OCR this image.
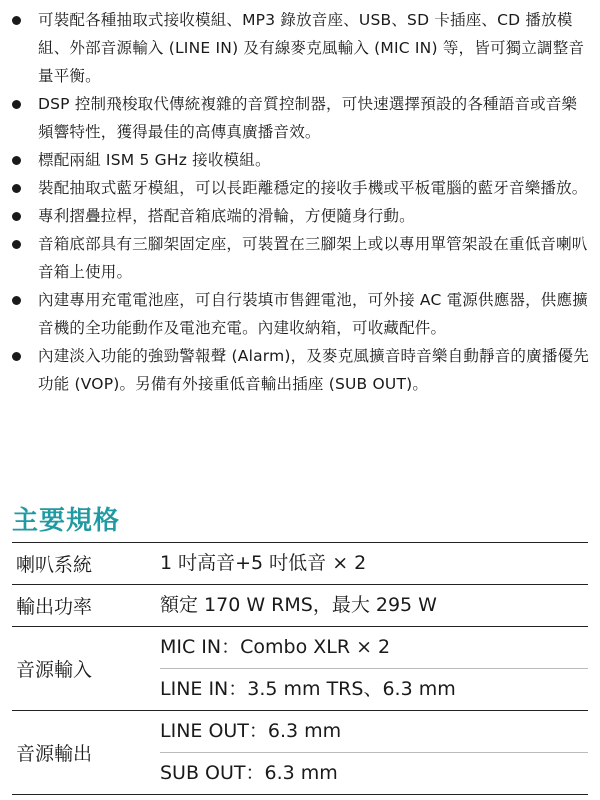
可裝配各種抽取式接收模組、MP3 錄放音座、USB、SD 卡插座、CD 播放模組、外部音源輸入 (LINE IN) 及有線麥克風輸入 (MIC IN) 等，皆可獨立調整音量平衡。
DSP 控制飛梭取代傳統複雜的音質控制器，可快速選擇預設的各種語音或音樂頻響特性，獲得最佳的高傳真廣播音效。
標配兩組 ISM 5 GHz 接收模組。
裝配抽取式藍牙模組，可以長距離穩定的接收手機或平板電腦的藍牙音樂播放。
專利摺疊拉桿，搭配音箱底端的滑輪，方便隨身行動。
音箱底部具有三腳架固定座，可裝置在三腳架上或以專用單管架設在重低音喇叭音箱上使用。
內建專用充電電池座，可自行裝填市售鋰電池，可外接 AC 電源供應器，供應擴音機的全功能動作及電池充電。內建收納箱，可收藏配件。
內建淡入功能的強勁警報聲 (Alarm)，及麥克風擴音時音樂自動靜音的廣播優先功能 (VOP)。另備有外接重低音輸出插座 (SUB OUT)。
主要規格
喇叭系統	1 吋高音+5 吋低音 × 2

輸出功率	額定 170 W RMS，最大 295 W

音源輸入	MIC IN：Combo XLR × 2
LINE IN：3.5 mm TRS、6.3 mm

音源輸出	LINE OUT：6.3 mm
SUB OUT：6.3 mm
